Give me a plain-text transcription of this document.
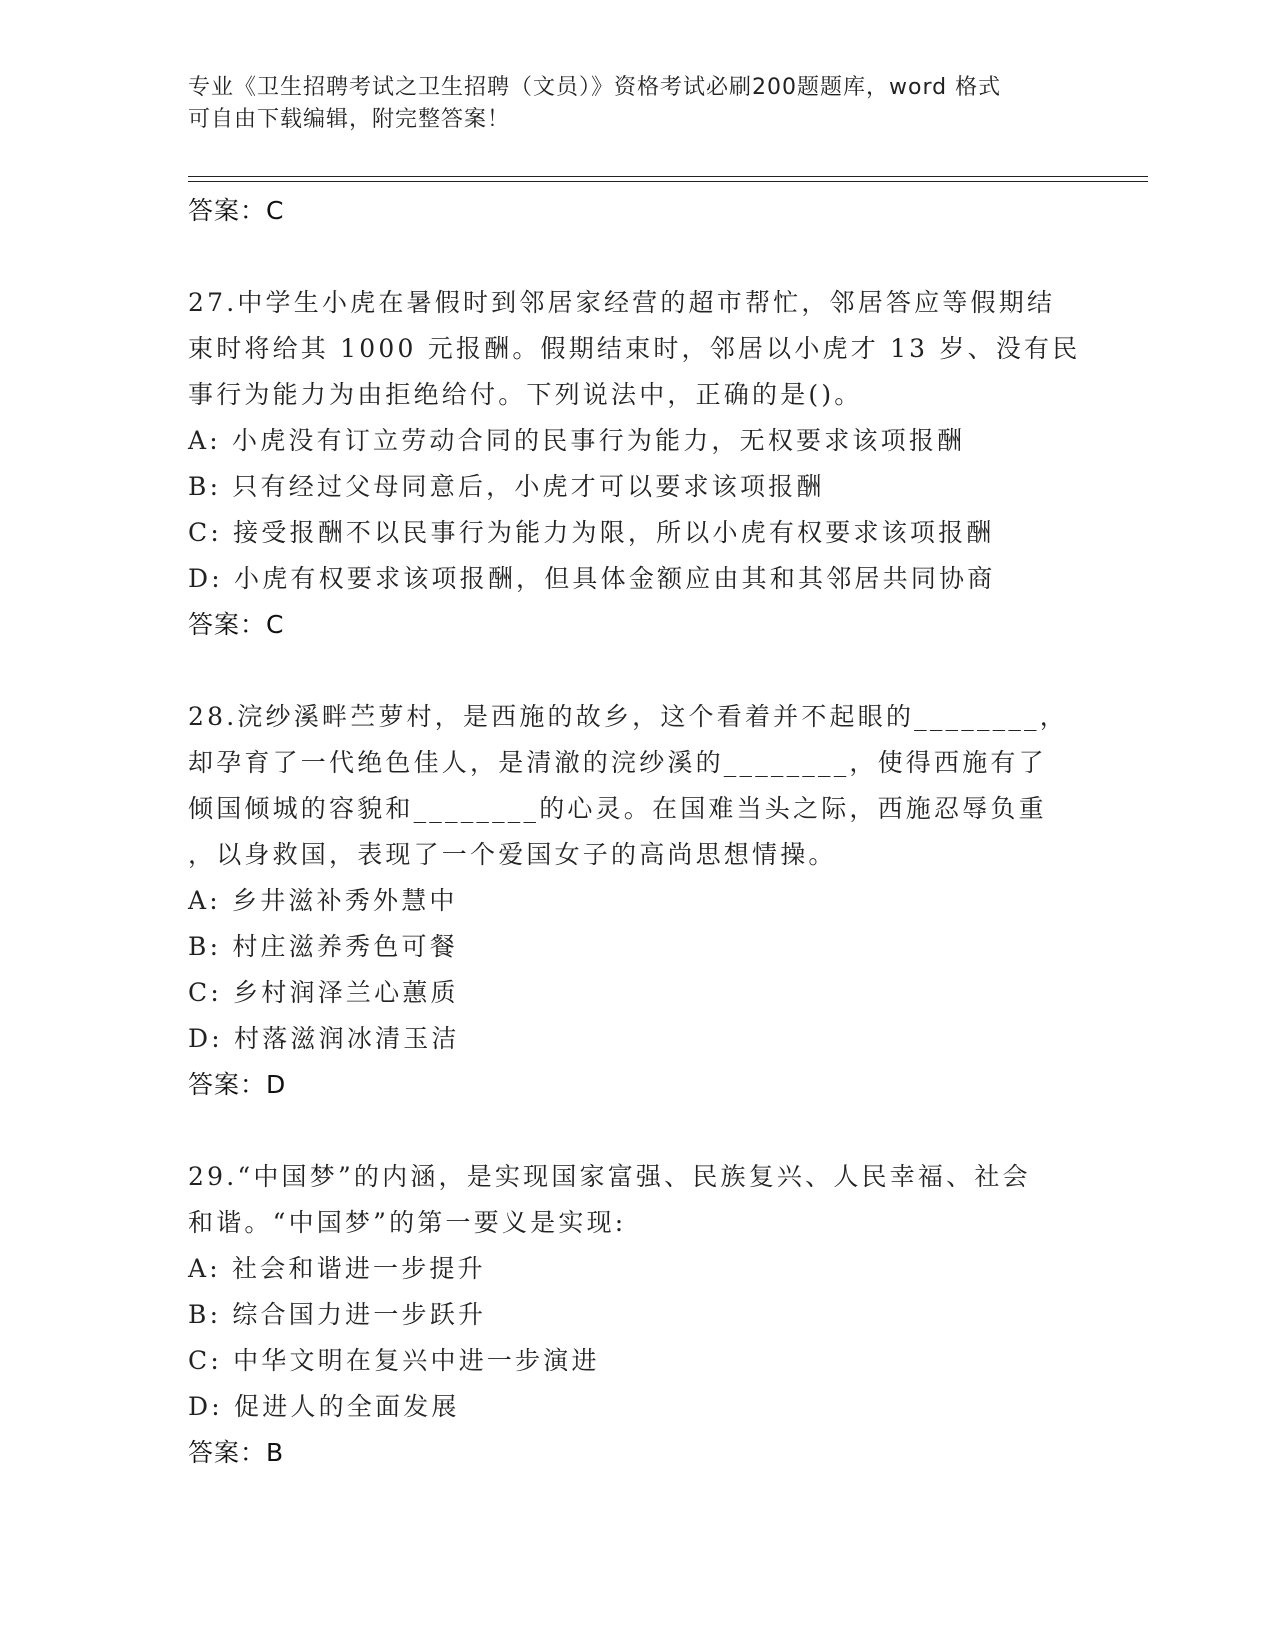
专业《卫生招聘考试之卫生招聘（文员）》资格考试必刷200题题库，word 格式
可自由下载编辑，附完整答案！

答案：C

27.中学生小虎在暑假时到邻居家经营的超市帮忙，邻居答应等假期结

束时将给其 1000 元报酬。假期结束时，邻居以小虎才 13 岁、没有民

事行为能力为由拒绝给付。下列说法中，正确的是()。

A: 小虎没有订立劳动合同的民事行为能力，无权要求该项报酬

B: 只有经过父母同意后，小虎才可以要求该项报酬

C: 接受报酬不以民事行为能力为限，所以小虎有权要求该项报酬

D: 小虎有权要求该项报酬，但具体金额应由其和其邻居共同协商

答案：C

28.浣纱溪畔苎萝村，是西施的故乡，这个看着并不起眼的________，

却孕育了一代绝色佳人，是清澈的浣纱溪的________，使得西施有了

倾国倾城的容貌和________的心灵。在国难当头之际，西施忍辱负重

，以身救国，表现了一个爱国女子的高尚思想情操。

A: 乡井滋补秀外慧中

B: 村庄滋养秀色可餐

C: 乡村润泽兰心蕙质

D: 村落滋润冰清玉洁

答案：D

29.“中国梦”的内涵，是实现国家富强、民族复兴、人民幸福、社会

和谐。“中国梦”的第一要义是实现:

A: 社会和谐进一步提升

B: 综合国力进一步跃升

C: 中华文明在复兴中进一步演进

D: 促进人的全面发展

答案：B
